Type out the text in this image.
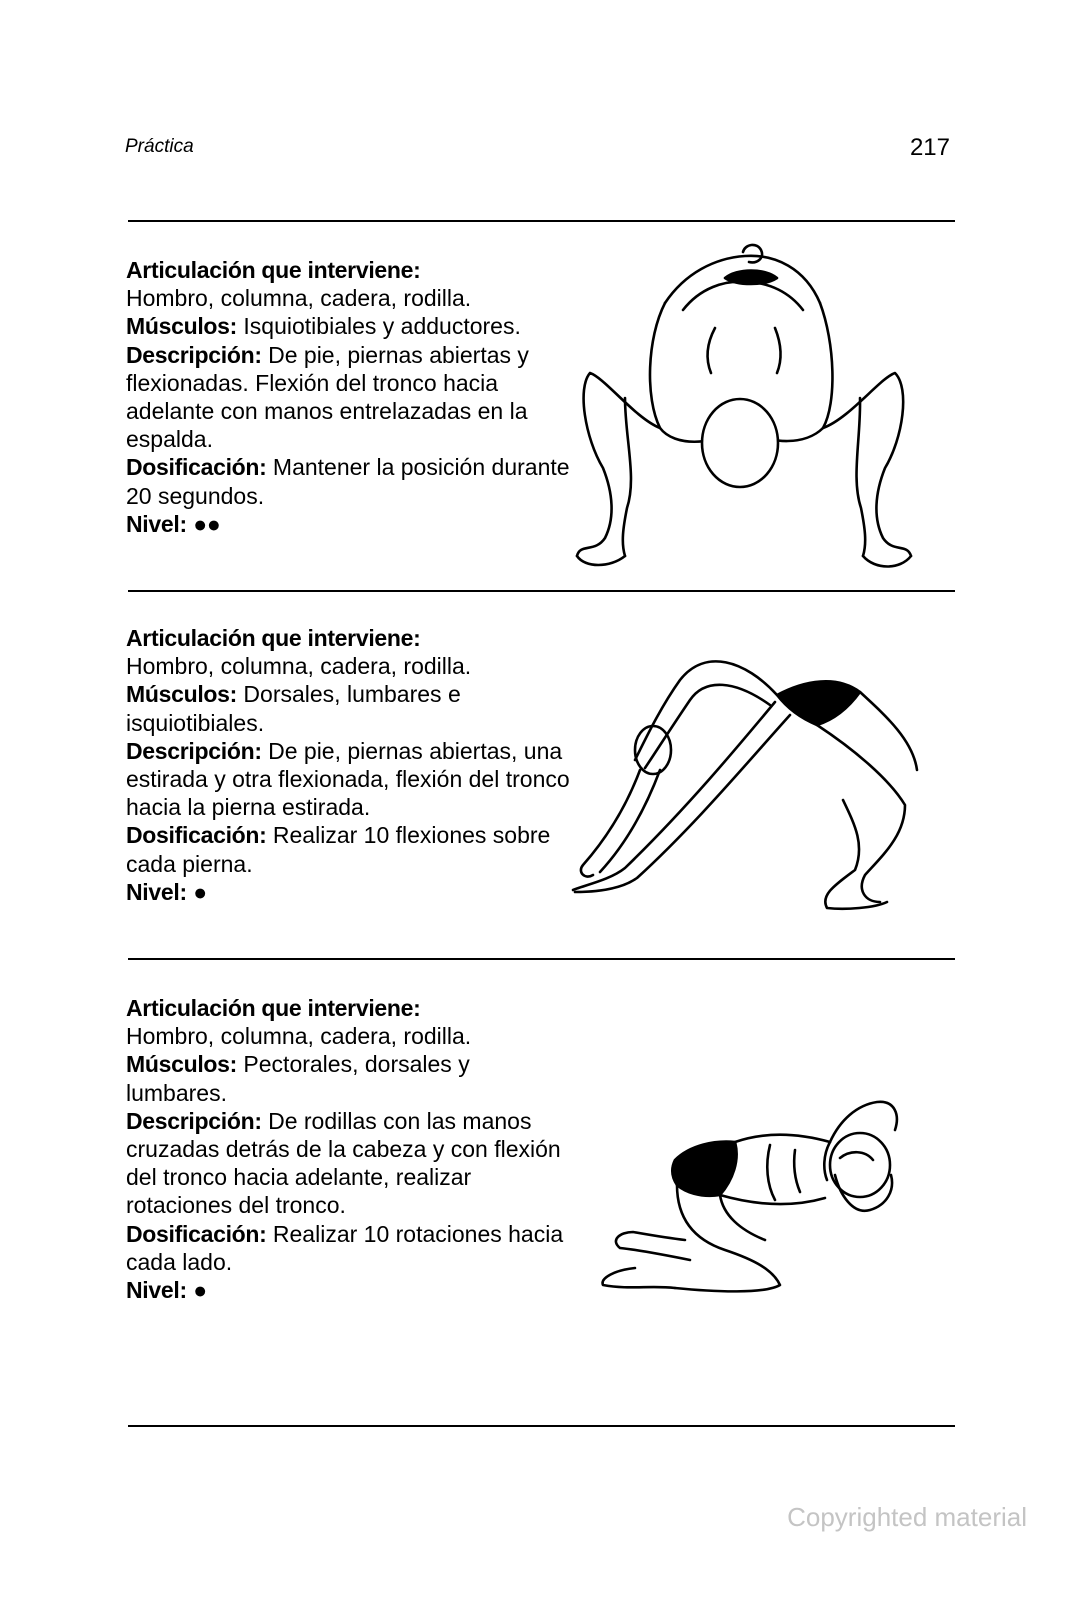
Práctica	217

Articulación que interviene:
Hombro, columna, cadera, rodilla.

Músculos: Isquiotibiales y adductores.

Descripción: De pie, piernas abiertas y flexionadas. Flexión del tronco hacia adelante con manos entrelazadas en la espalda.

Dosificación: Mantener la posición durante 20 segundos.

Nivel: ●●

Articulación que interviene:
Hombro, columna, cadera, rodilla.

Músculos: Dorsales, lumbares e isquiotibiales.

Descripción: De pie, piernas abiertas, una estirada y otra flexionada, flexión del tronco hacia la pierna estirada.

Dosificación: Realizar 10 flexiones sobre cada pierna.

Nivel: ●

Articulación que interviene:
Hombro, columna, cadera, rodilla.

Músculos: Pectorales, dorsales y lumbares.

Descripción: De rodillas con las manos cruzadas detrás de la cabeza y con flexión del tronco hacia adelante, realizar rotaciones del tronco.

Dosificación: Realizar 10 rotaciones hacia cada lado.

Nivel: ●

Copyrighted material
